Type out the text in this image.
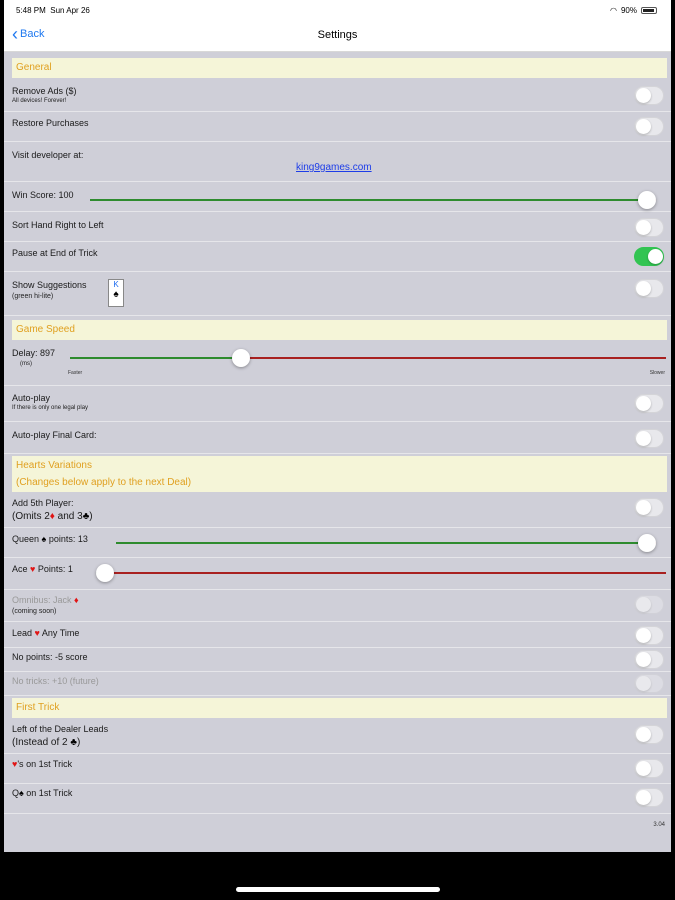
5:48 PM Sun Apr 26	◠ 90%
‹ Back	Settings
General
Remove Ads ($)
All devices! Forever!
Restore Purchases
Visit developer at:
king9games.com
Win Score: 100
Sort Hand Right to Left
Pause at End of Trick
Show Suggestions
(green hi-lite)
K
♠
Game Speed
Delay: 897
(ms)
Faster	Slower
Auto-play
If there is only one legal play
Auto-play Final Card:
Hearts Variations
(Changes below apply to the next Deal)
Add 5th Player:
(Omits 2♦ and 3♣)
Queen ♠ points: 13
Ace ♥ Points: 1
Omnibus: Jack ♦
(coming soon)
Lead ♥ Any Time
No points: -5 score
No tricks: +10 (future)
First Trick
Left of the Dealer Leads
(Instead of 2 ♣)
♥'s on 1st Trick
Q♠ on 1st Trick
3.04
